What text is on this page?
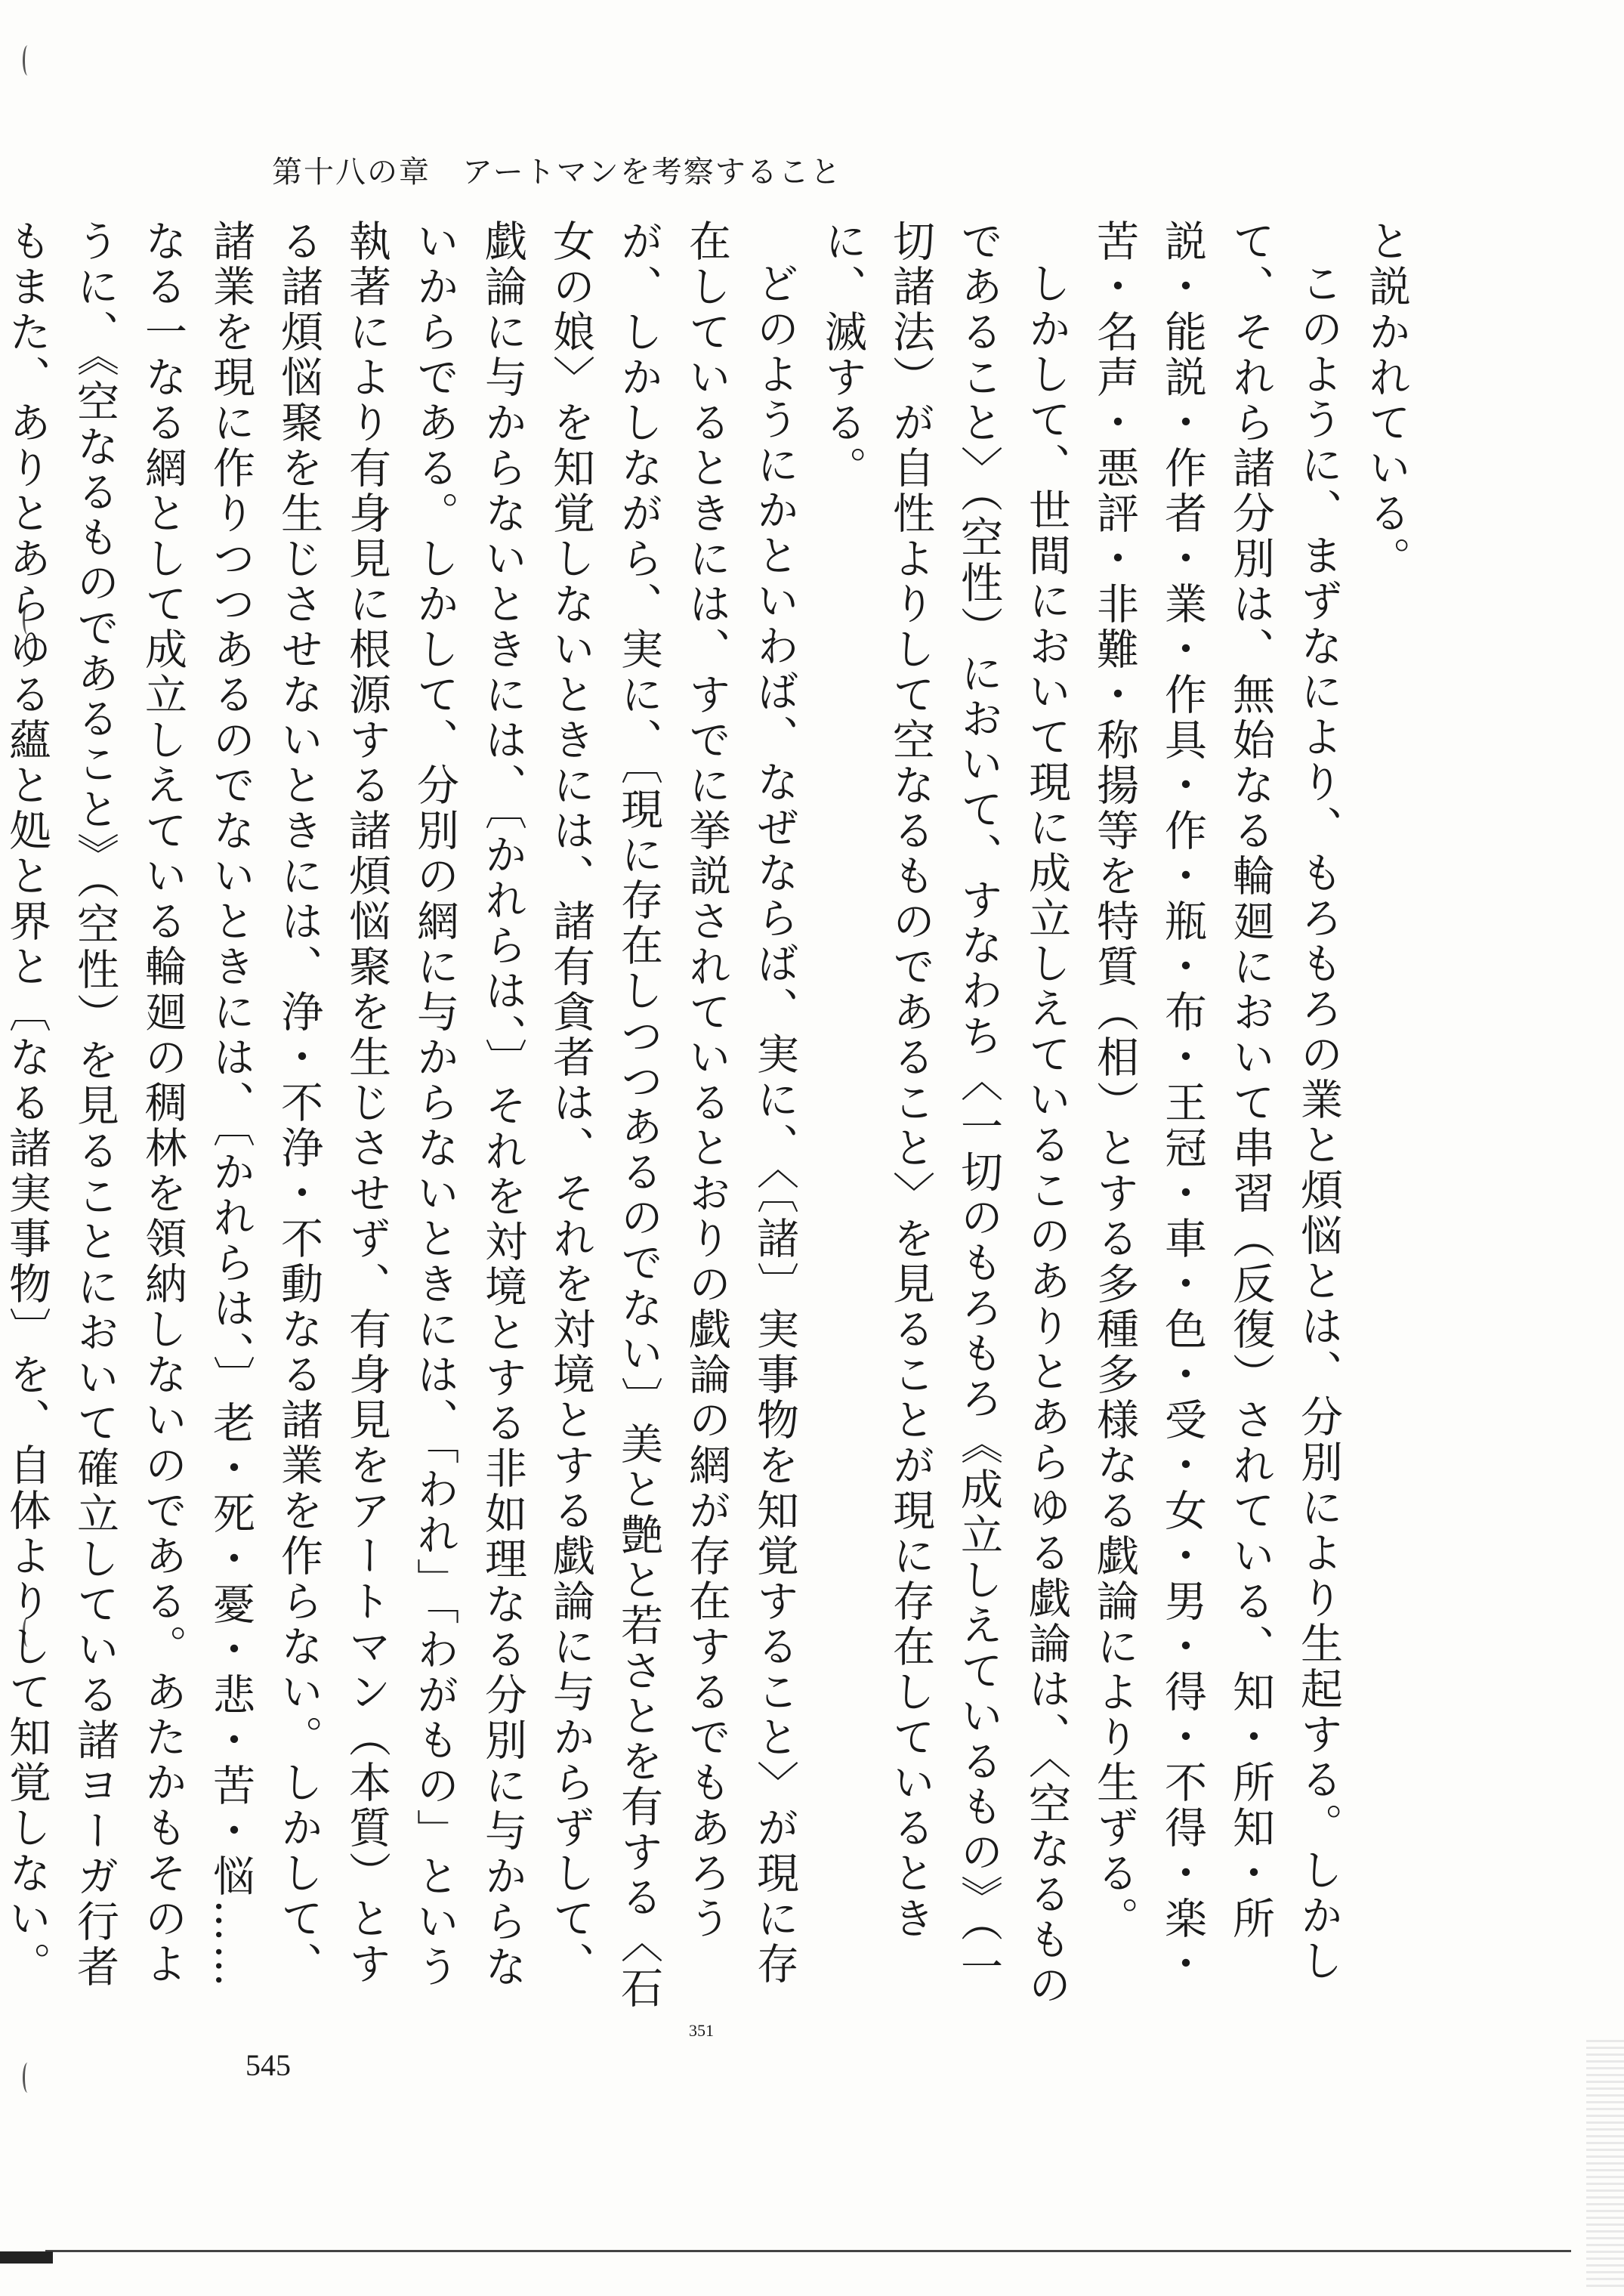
第十八の章　アートマンを考察すること

と説かれている。

このように、まずなにより、もろもろの業と煩悩とは、分別により生起する。しかして、それら諸分別は、無始なる輪廻において串習（反復）されている、知・所知・所説・能説・作者・業・作具・作・瓶・布・王冠・車・色・受・女・男・得・不得・楽・苦・名声・悪評・非難・称揚等を特質（相）とする多種多様なる戯論により生ずる。

しかして、世間において現に成立しえているこのありとあらゆる戯論は、〈空なるものであること〉（空性）において、すなわち〈一切のもろもろ《成立しえているもの》（一切諸法）が自性よりして空なるものであること〉を見ることが現に存在しているときに、滅する。

どのようにかといわば、なぜならば、実に、〈〔諸〕実事物を知覚すること〉が現に存在しているときには、すでに挙説されているとおりの戯論の網が存在するでもあろうが、しかしながら、実に、〔現に存在しつつあるのでない〕美と艶と若さとを有する〈石女の娘〉を知覚しないときには、諸有貪者は、それを対境とする戯論に与からずして、戯論に与からないときには、〔かれらは、〕それを対境とする非如理なる分別に与からないからである。しかして、分別の網に与からないときには、「われ」「わがもの」という執著により有身見に根源する諸煩悩聚を生じさせず、有身見をアートマン（本質）とする諸煩悩聚を生じさせないときには、浄・不浄・不動なる諸業を作らない。しかして、諸業を現に作りつつあるのでないときには、〔かれらは、〕老・死・憂・悲・苦・悩……なる一なる網として成立しえている輪廻の稠林を領納しないのである。あたかもそのように、《空なるものであること》（空性）を見ることにおいて確立している諸ヨーガ行者もまた、ありとあらゆる蘊と処と界と〔なる諸実事物〕を、自体よりして知覚しない。

351
545
